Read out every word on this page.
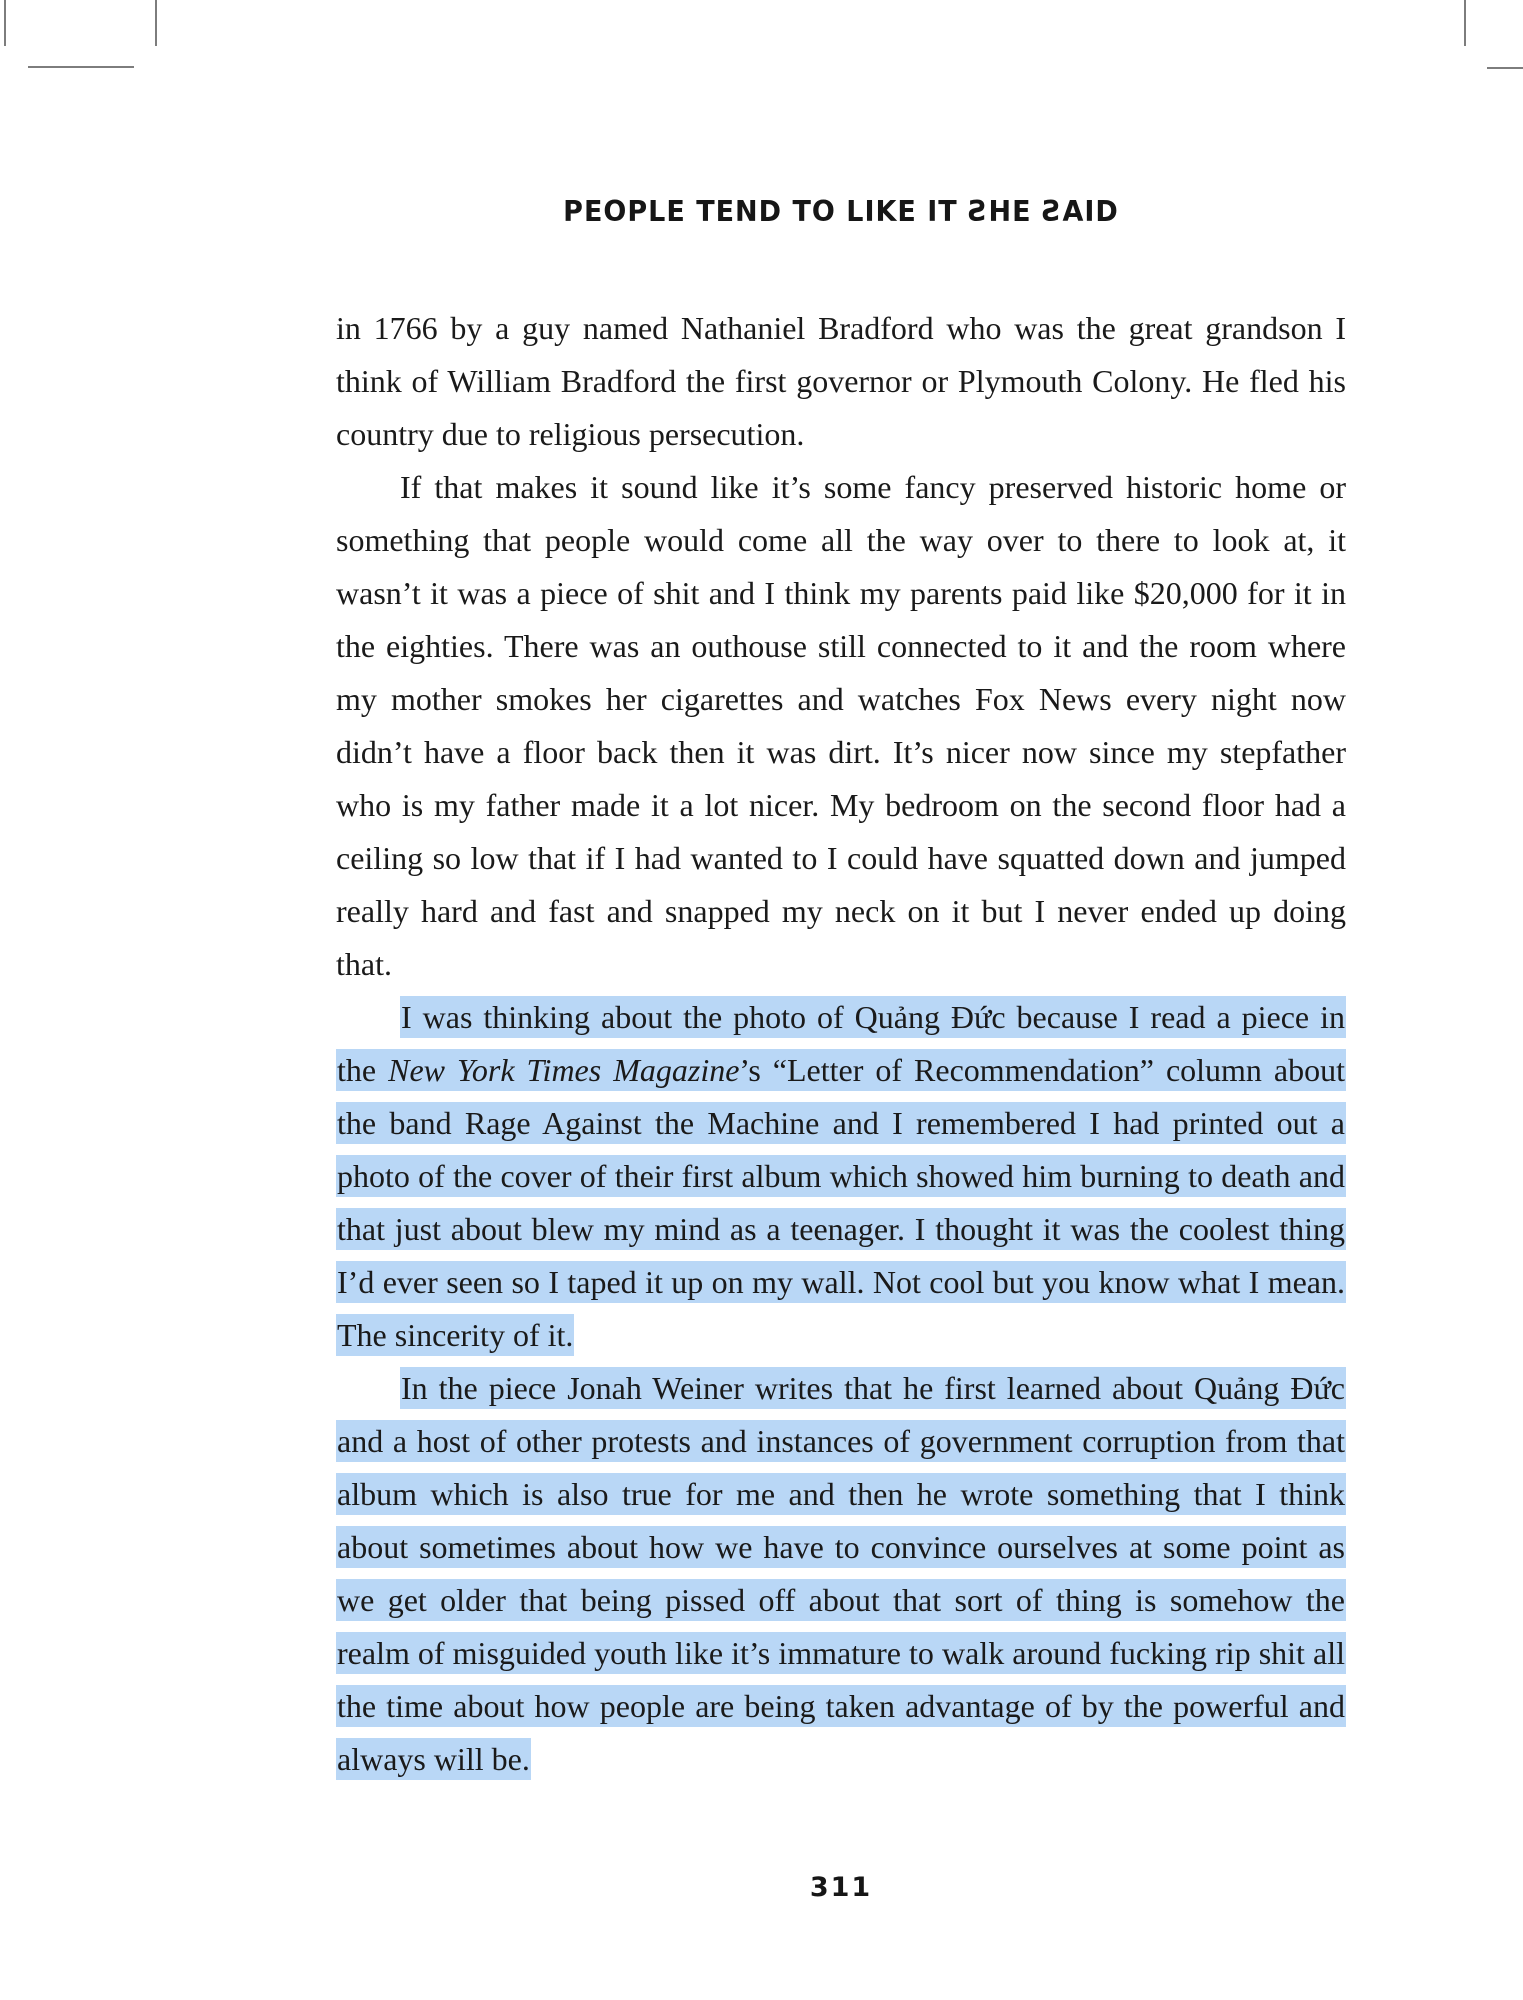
PEOPLE TEND TO LIKE IT ƧHE ƧAID

in 1766 by a guy named Nathaniel Bradford who was the great grandson I think of William Bradford the first governor or Plymouth Colony. He fled his country due to religious persecution.

If that makes it sound like it’s some fancy preserved historic home or something that people would come all the way over to there to look at, it wasn’t it was a piece of shit and I think my parents paid like $20,000 for it in the eighties. There was an outhouse still connected to it and the room where my mother smokes her cigarettes and watches Fox News every night now didn’t have a floor back then it was dirt. It’s nicer now since my stepfather who is my father made it a lot nicer. My bedroom on the second floor had a ceiling so low that if I had wanted to I could have squatted down and jumped really hard and fast and snapped my neck on it but I never ended up doing that.

I was thinking about the photo of Quảng Đức because I read a piece in the New York Times Magazine’s “Letter of Recommendation” column about the band Rage Against the Machine and I remembered I had printed out a photo of the cover of their first album which showed him burning to death and that just about blew my mind as a teenager. I thought it was the coolest thing I’d ever seen so I taped it up on my wall. Not cool but you know what I mean. The sincerity of it.

In the piece Jonah Weiner writes that he first learned about Quảng Đức and a host of other protests and instances of government corruption from that album which is also true for me and then he wrote something that I think about sometimes about how we have to convince ourselves at some point as we get older that being pissed off about that sort of thing is somehow the realm of misguided youth like it’s immature to walk around fucking rip shit all the time about how people are being taken advantage of by the powerful and always will be.

311
